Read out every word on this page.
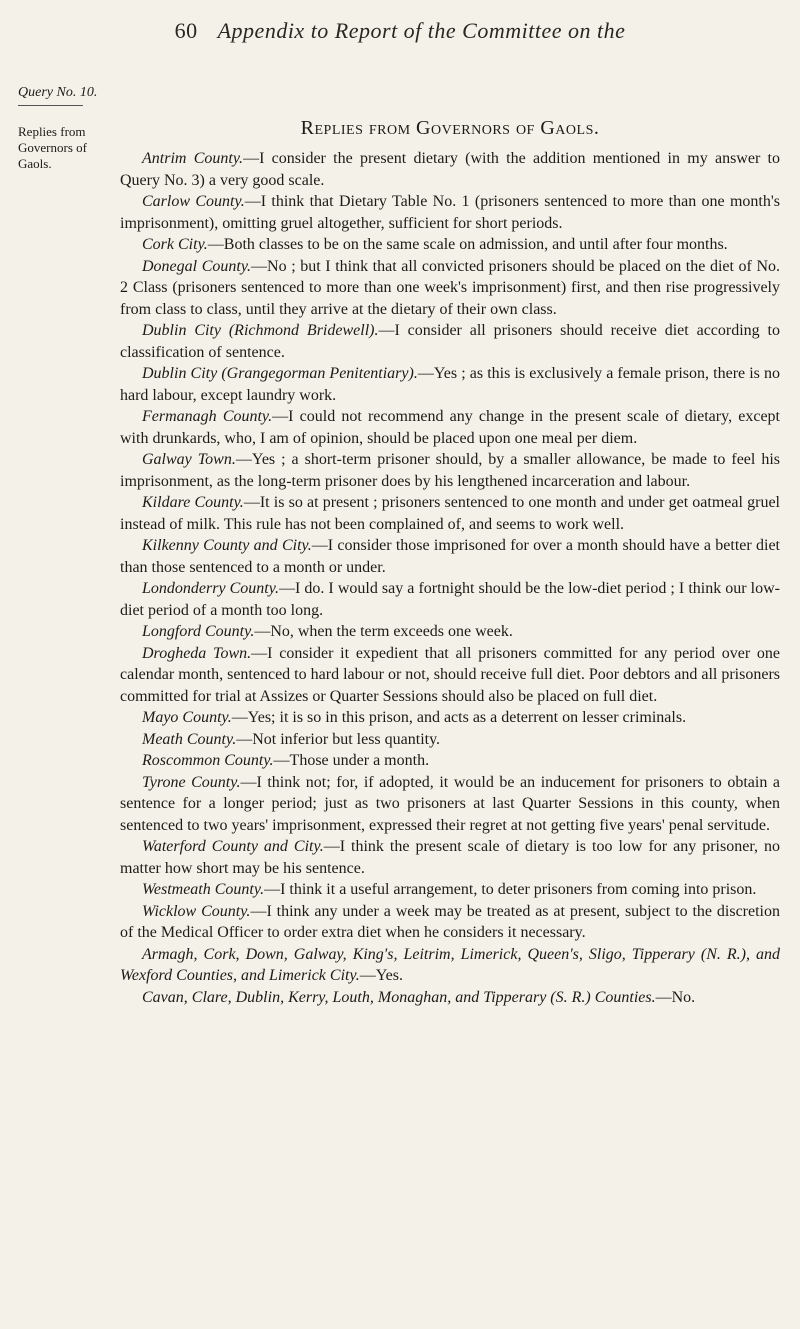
60 Appendix to Report of the Committee on the
Query No. 10.
Replies from Governors of Gaols.
Replies from Governors of Gaols.

Antrim County.—I consider the present dietary (with the addition mentioned in my answer to Query No. 3) a very good scale.

Carlow County.—I think that Dietary Table No. 1 (prisoners sentenced to more than one month's imprisonment), omitting gruel altogether, sufficient for short periods.

Cork City.—Both classes to be on the same scale on admission, and until after four months.

Donegal County.—No ; but I think that all convicted prisoners should be placed on the diet of No. 2 Class (prisoners sentenced to more than one week's imprisonment) first, and then rise progressively from class to class, until they arrive at the dietary of their own class.

Dublin City (Richmond Bridewell).—I consider all prisoners should receive diet according to classification of sentence.

Dublin City (Grangegorman Penitentiary).—Yes ; as this is exclusively a female prison, there is no hard labour, except laundry work.

Fermanagh County.—I could not recommend any change in the present scale of dietary, except with drunkards, who, I am of opinion, should be placed upon one meal per diem.

Galway Town.—Yes ; a short-term prisoner should, by a smaller allowance, be made to feel his imprisonment, as the long-term prisoner does by his lengthened incarceration and labour.

Kildare County.—It is so at present ; prisoners sentenced to one month and under get oatmeal gruel instead of milk. This rule has not been complained of, and seems to work well.

Kilkenny County and City.—I consider those imprisoned for over a month should have a better diet than those sentenced to a month or under.

Londonderry County.—I do. I would say a fortnight should be the low-diet period ; I think our low-diet period of a month too long.

Longford County.—No, when the term exceeds one week.

Drogheda Town.—I consider it expedient that all prisoners committed for any period over one calendar month, sentenced to hard labour or not, should receive full diet. Poor debtors and all prisoners committed for trial at Assizes or Quarter Sessions should also be placed on full diet.

Mayo County.—Yes; it is so in this prison, and acts as a deterrent on lesser criminals.

Meath County.—Not inferior but less quantity.

Roscommon County.—Those under a month.

Tyrone County.—I think not; for, if adopted, it would be an inducement for prisoners to obtain a sentence for a longer period; just as two prisoners at last Quarter Sessions in this county, when sentenced to two years' imprisonment, expressed their regret at not getting five years' penal servitude.

Waterford County and City.—I think the present scale of dietary is too low for any prisoner, no matter how short may be his sentence.

Westmeath County.—I think it a useful arrangement, to deter prisoners from coming into prison.

Wicklow County.—I think any under a week may be treated as at present, subject to the discretion of the Medical Officer to order extra diet when he considers it necessary.

Armagh, Cork, Down, Galway, King's, Leitrim, Limerick, Queen's, Sligo, Tipperary (N. R.), and Wexford Counties, and Limerick City.—Yes.

Cavan, Clare, Dublin, Kerry, Louth, Monaghan, and Tipperary (S. R.) Counties.—No.
